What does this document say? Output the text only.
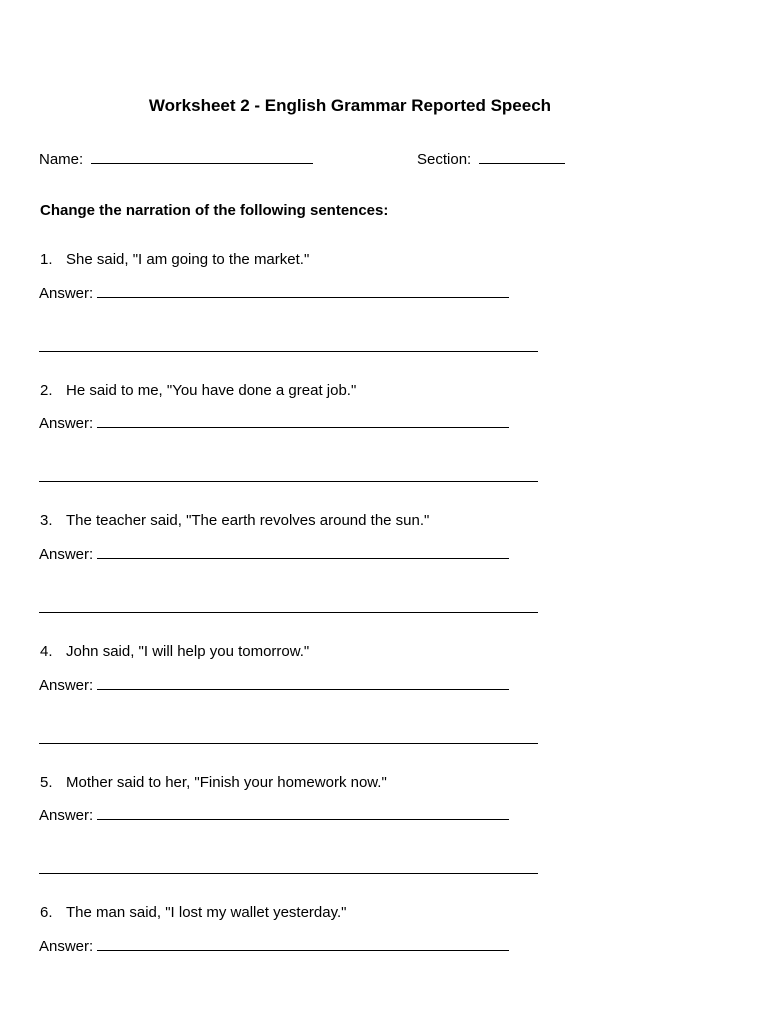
Worksheet 2 - English Grammar Reported Speech
Name:	Section:
Change the narration of the following sentences:
1. She said, "I am going to the market."
Answer:
2. He said to me, "You have done a great job."
Answer:
3. The teacher said, "The earth revolves around the sun."
Answer:
4. John said, "I will help you tomorrow."
Answer:
5. Mother said to her, "Finish your homework now."
Answer:
6. The man said, "I lost my wallet yesterday."
Answer:
